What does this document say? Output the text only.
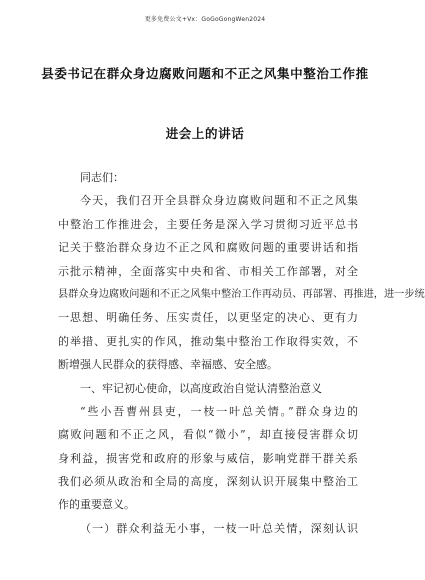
更多免费公文+Vx：GoGoGongWen2024
县委书记在群众身边腐败问题和不正之风集中整治工作推
进会上的讲话
同志们：
今天，我们召开全县群众身边腐败问题和不正之风集
中整治工作推进会，主要任务是深入学习贯彻习近平总书
记关于整治群众身边不正之风和腐败问题的重要讲话和指
示批示精神，全面落实中央和省、市相关工作部署，对全
县群众身边腐败问题和不正之风集中整治工作再动员、再部署、再推进，进一步统
一思想、明确任务、压实责任，以更坚定的决心、更有力
的举措、更扎实的作风，推动集中整治工作取得实效，不
断增强人民群众的获得感、幸福感、安全感。
一、牢记初心使命，以高度政治自觉认清整治意义
“些小吾曹州县吏，一枝一叶总关情。”群众身边的
腐败问题和不正之风，看似“微小”，却直接侵害群众切
身利益，损害党和政府的形象与威信，影响党群干群关系
我们必须从政治和全局的高度，深刻认识开展集中整治工
作的重要意义。
（一）群众利益无小事，一枝一叶总关情，深刻认识
